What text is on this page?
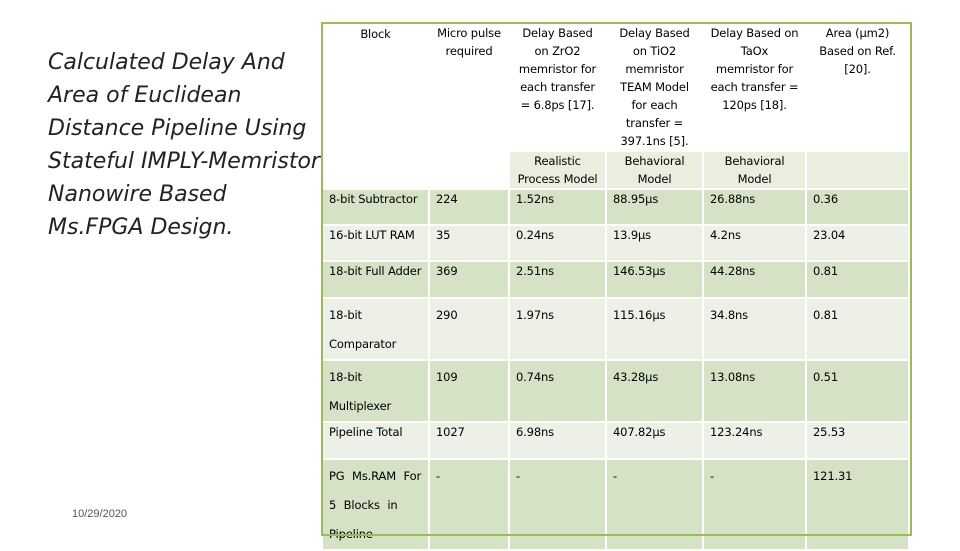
Calculated Delay And Area of Euclidean Distance Pipeline Using Stateful IMPLY-Memristor Nanowire Based Ms.FPGA Design.
10/29/2020
Block	Micro pulse required	Delay Based on ZrO2 memristor for each transfer = 6.8ps [17].	Delay Based on TiO2 memristor TEAM Model for each transfer = 397.1ns [5].	Delay Based on TaOx memristor for each transfer = 120ps [18].	Area (µm2) Based on Ref. [20].
		Realistic Process Model	Behavioral Model	Behavioral Model	
8-bit Subtractor	224	1.52ns	88.95µs	26.88ns	0.36
16-bit LUT RAM	35	0.24ns	13.9µs	4.2ns	23.04
18-bit Full Adder	369	2.51ns	146.53µs	44.28ns	0.81
18-bit Comparator	290	1.97ns	115.16µs	34.8ns	0.81
18-bit Multiplexer	109	0.74ns	43.28µs	13.08ns	0.51
Pipeline Total	1027	6.98ns	407.82µs	123.24ns	25.53
PG Ms.RAM For 5 Blocks in Pipeline	-	-	-	-	121.31
